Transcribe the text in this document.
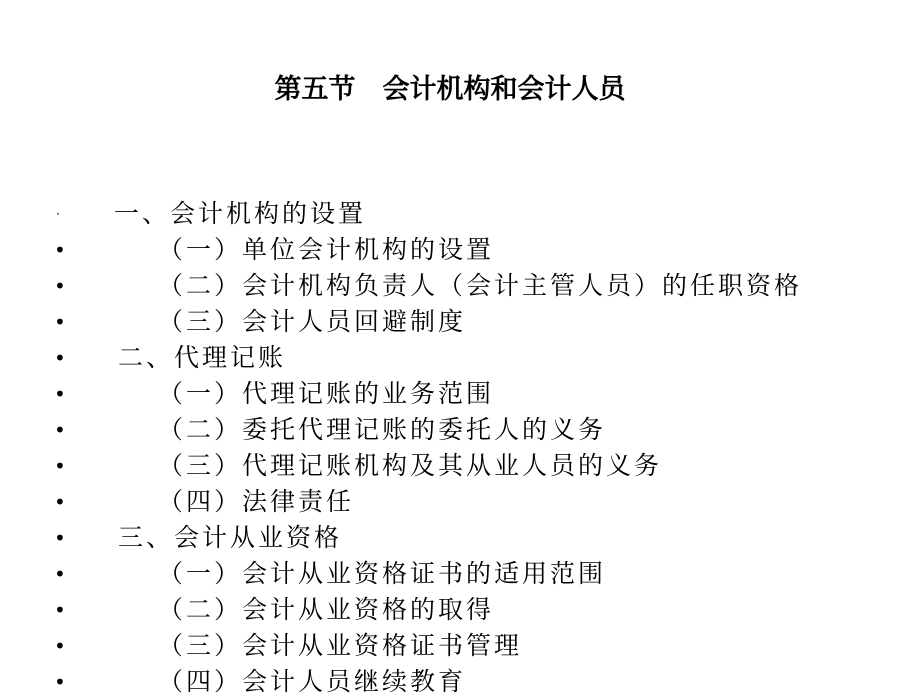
第五节　会计机构和会计人员
· 一、会计机构的设置
•	（一）单位会计机构的设置
•	（二）会计机构负责人（会计主管人员）的任职资格
•	（三）会计人员回避制度
• 二、代理记账
•	（一）代理记账的业务范围
•	（二）委托代理记账的委托人的义务
•	（三）代理记账机构及其从业人员的义务
•	（四）法律责任
• 三、会计从业资格
•	（一）会计从业资格证书的适用范围
•	（二）会计从业资格的取得
•	（三）会计从业资格证书管理
•	（四）会计人员继续教育
